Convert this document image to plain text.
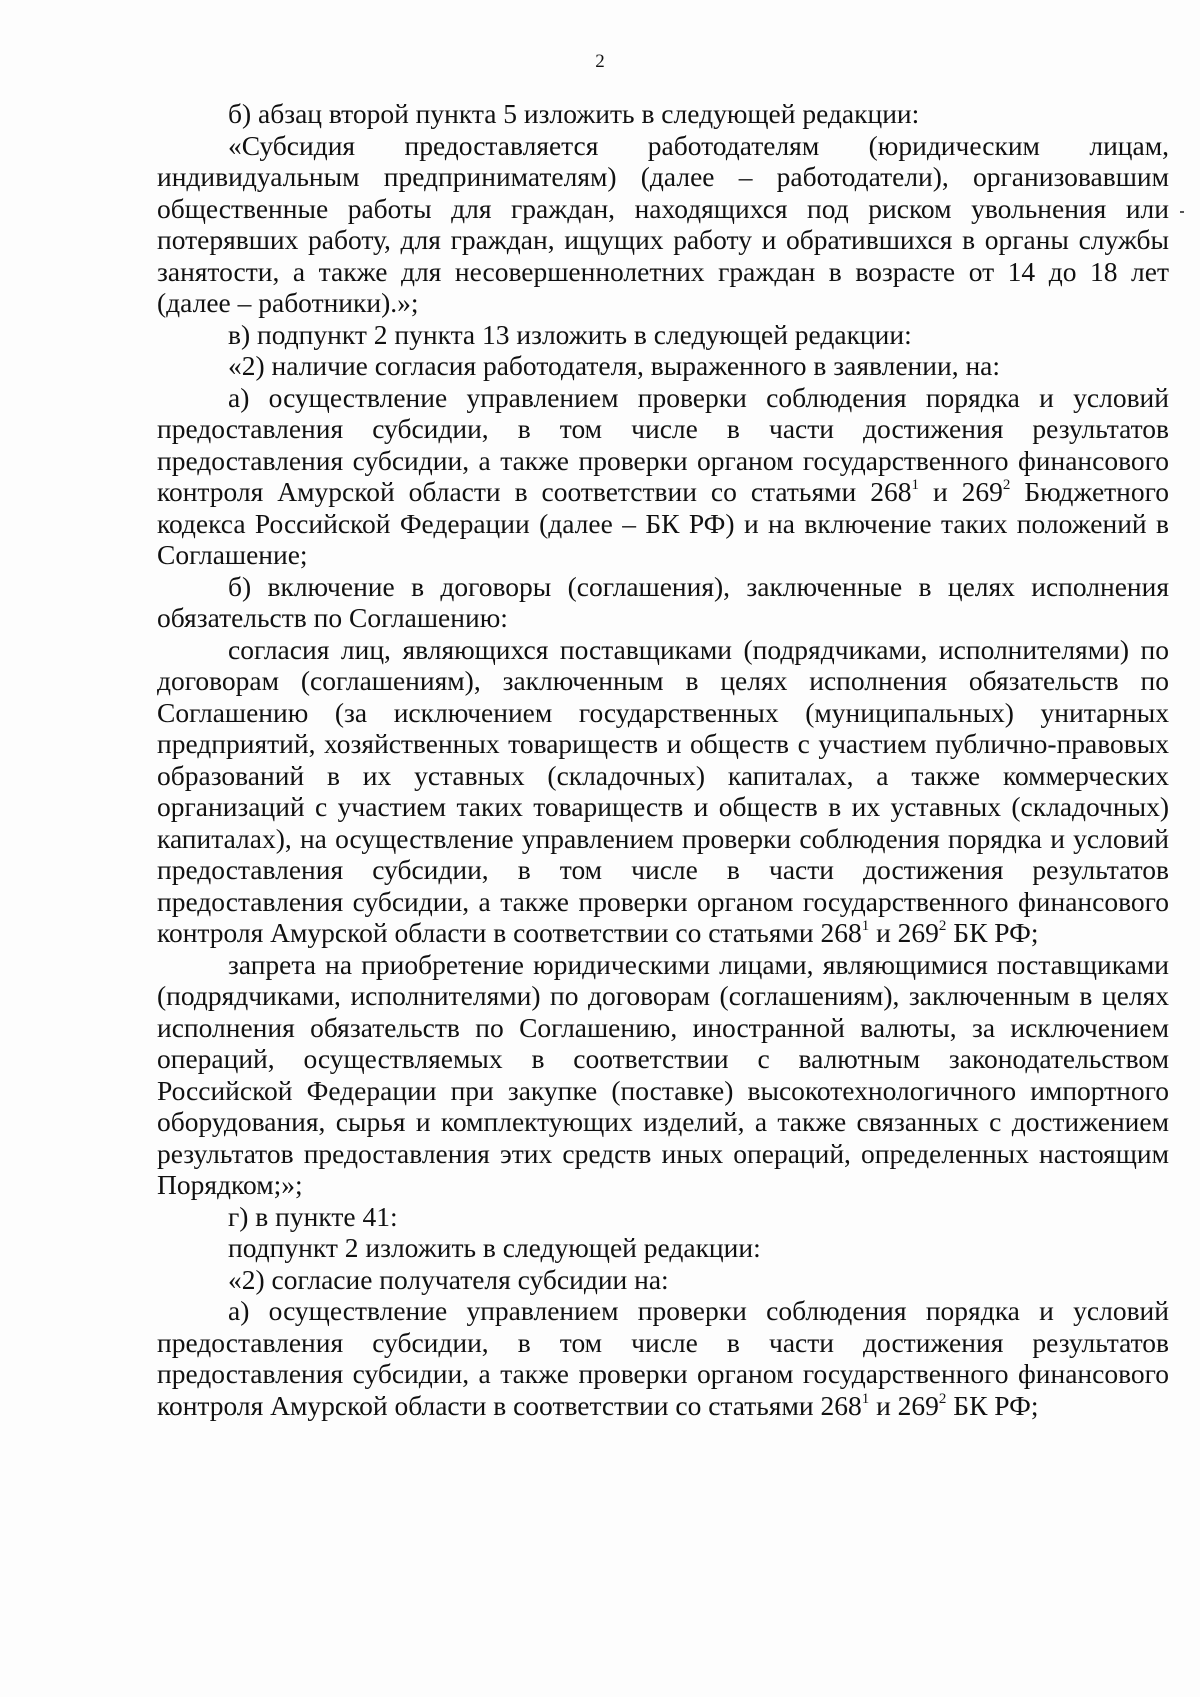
2

б) абзац второй пункта 5 изложить в следующей редакции:

«Субсидия предоставляется работодателям (юридическим лицам, индивидуальным предпринимателям) (далее – работодатели), организовавшим общественные работы для граждан, находящихся под риском увольнения или потерявших работу, для граждан, ищущих работу и обратившихся в органы службы занятости, а также для несовершеннолетних граждан в возрасте от 14 до 18 лет (далее – работники).»;

в) подпункт 2 пункта 13 изложить в следующей редакции:

«2) наличие согласия работодателя, выраженного в заявлении, на:

а) осуществление управлением проверки соблюдения порядка и условий предоставления субсидии, в том числе в части достижения результатов предоставления субсидии, а также проверки органом государственного финансового контроля Амурской области в соответствии со статьями $268^1$ и $269^2$ Бюджетного кодекса Российской Федерации (далее – БК РФ) и на включение таких положений в Соглашение;

б) включение в договоры (соглашения), заключенные в целях исполнения обязательств по Соглашению:

согласия лиц, являющихся поставщиками (подрядчиками, исполнителями) по договорам (соглашениям), заключенным в целях исполнения обязательств по Соглашению (за исключением государственных (муниципальных) унитарных предприятий, хозяйственных товариществ и обществ с участием публично-правовых образований в их уставных (складочных) капиталах, а также коммерческих организаций с участием таких товариществ и обществ в их уставных (складочных) капиталах), на осуществление управлением проверки соблюдения порядка и условий предоставления субсидии, в том числе в части достижения результатов предоставления субсидии, а также проверки органом государственного финансового контроля Амурской области в соответствии со статьями $268^1$ и $269^2$ БК РФ;

запрета на приобретение юридическими лицами, являющимися поставщиками (подрядчиками, исполнителями) по договорам (соглашениям), заключенным в целях исполнения обязательств по Соглашению, иностранной валюты, за исключением операций, осуществляемых в соответствии с валютным законодательством Российской Федерации при закупке (поставке) высокотехнологичного импортного оборудования, сырья и комплектующих изделий, а также связанных с достижением результатов предоставления этих средств иных операций, определенных настоящим Порядком;»;

г) в пункте 41:

подпункт 2 изложить в следующей редакции:

«2) согласие получателя субсидии на:

а) осуществление управлением проверки соблюдения порядка и условий предоставления субсидии, в том числе в части достижения результатов предоставления субсидии, а также проверки органом государственного финансового контроля Амурской области в соответствии со статьями $268^1$ и $269^2$ БК РФ;
